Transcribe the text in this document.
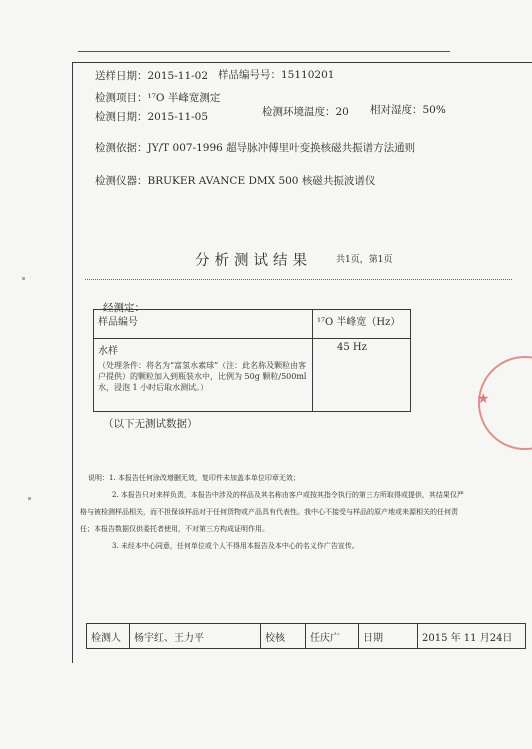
送样日期：2015-11-02 样品编号号：15110201
检测项目：¹⁷O 半峰宽测定
检测日期：2015-11-05	检测环境温度：20 相对湿度：50%
检测依据：JY/T 007-1996 超导脉冲傅里叶变换核磁共振谱方法通则
检测仪器：BRUKER AVANCE DMX 500 核磁共振波谱仪
分析测试结果	共1页，第1页
经测定：
样品编号	¹⁷O 半峰宽（Hz）

水样
（处理条件：将名为“富氢水素球”（注：此名称及颗粒由客户提供）的颗粒加入到瓶装水中，比例为 50g 颗粒/500ml 水，浸泡 1 小时后取水测试。）	45 Hz
（以下无测试数据）
说明：1. 本报告任何涂改增删无效，复印件未加盖本单位印章无效；
2. 本报告只对来样负责，本报告中涉及的样品及其名称由客户或按其指令执行的第三方所取得或提供，其结果仅严
格与被检测样品相关，而不担保该样品对于任何货物或产品具有代表性。我中心不接受与样品的原产地或来源相关的任何责
任；本报告数据仅供委托者使用，不对第三方构成证明作用。
3. 未经本中心同意，任何单位或个人不得用本报告及本中心的名义作广告宣传。
检测人	杨宇红、王力平	校核	任庆广	日期	2015 年 11 月24日
★
